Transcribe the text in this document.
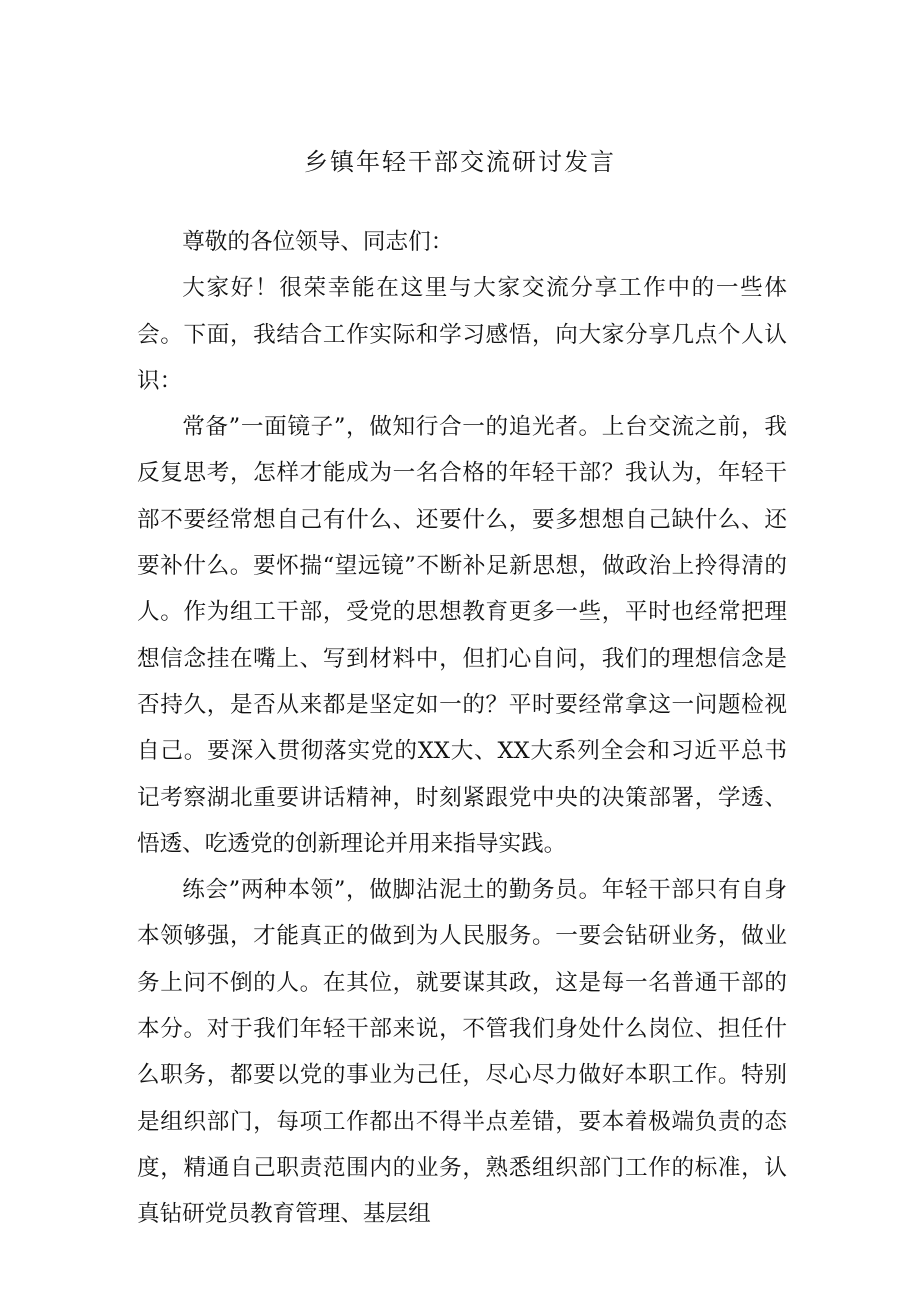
乡镇年轻干部交流研讨发言

尊敬的各位领导、同志们：

大家好！很荣幸能在这里与大家交流分享工作中的一些体会。下面，我结合工作实际和学习感悟，向大家分享几点个人认识：

常备”一面镜子”，做知行合一的追光者。上台交流之前，我反复思考，怎样才能成为一名合格的年轻干部？我认为，年轻干部不要经常想自己有什么、还要什么，要多想想自己缺什么、还要补什么。要怀揣“望远镜”不断补足新思想，做政治上拎得清的人。作为组工干部，受党的思想教育更多一些，平时也经常把理想信念挂在嘴上、写到材料中，但扪心自问，我们的理想信念是否持久，是否从来都是坚定如一的？平时要经常拿这一问题检视自己。要深入贯彻落实党的XX大、XX大系列全会和习近平总书记考察湖北重要讲话精神，时刻紧跟党中央的决策部署，学透、悟透、吃透党的创新理论并用来指导实践。

练会”两种本领”，做脚沾泥土的勤务员。年轻干部只有自身本领够强，才能真正的做到为人民服务。一要会钻研业务，做业务上问不倒的人。在其位，就要谋其政，这是每一名普通干部的本分。对于我们年轻干部来说，不管我们身处什么岗位、担任什么职务，都要以党的事业为己任，尽心尽力做好本职工作。特别是组织部门，每项工作都出不得半点差错，要本着极端负责的态度，精通自己职责范围内的业务，熟悉组织部门工作的标准，认真钻研党员教育管理、基层组
